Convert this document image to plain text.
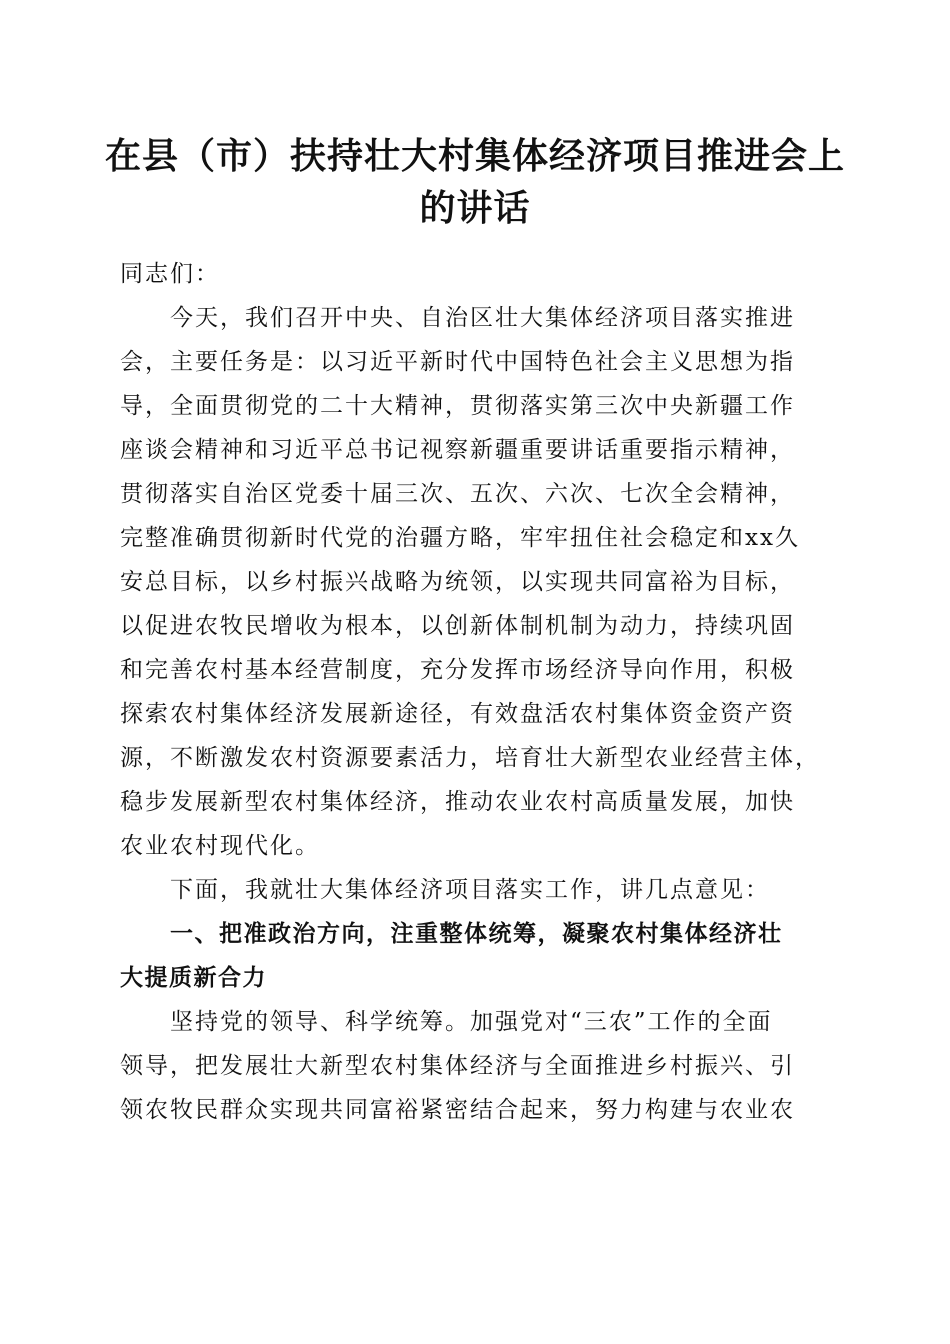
在县（市）扶持壮大村集体经济项目推进会上
的讲话

同志们：

今天，我们召开中央、自治区壮大集体经济项目落实推进
会，主要任务是：以习近平新时代中国特色社会主义思想为指
导，全面贯彻党的二十大精神，贯彻落实第三次中央新疆工作
座谈会精神和习近平总书记视察新疆重要讲话重要指示精神，
贯彻落实自治区党委十届三次、五次、六次、七次全会精神，
完整准确贯彻新时代党的治疆方略，牢牢扭住社会稳定和xx久
安总目标，以乡村振兴战略为统领，以实现共同富裕为目标，
以促进农牧民增收为根本，以创新体制机制为动力，持续巩固
和完善农村基本经营制度，充分发挥市场经济导向作用，积极
探索农村集体经济发展新途径，有效盘活农村集体资金资产资
源，不断激发农村资源要素活力，培育壮大新型农业经营主体，
稳步发展新型农村集体经济，推动农业农村高质量发展，加快
农业农村现代化。
下面，我就壮大集体经济项目落实工作，讲几点意见：
一、把准政治方向，注重整体统筹，凝聚农村集体经济壮
大提质新合力
坚持党的领导、科学统筹。加强党对“三农”工作的全面
领导，把发展壮大新型农村集体经济与全面推进乡村振兴、引
领农牧民群众实现共同富裕紧密结合起来，努力构建与农业农
